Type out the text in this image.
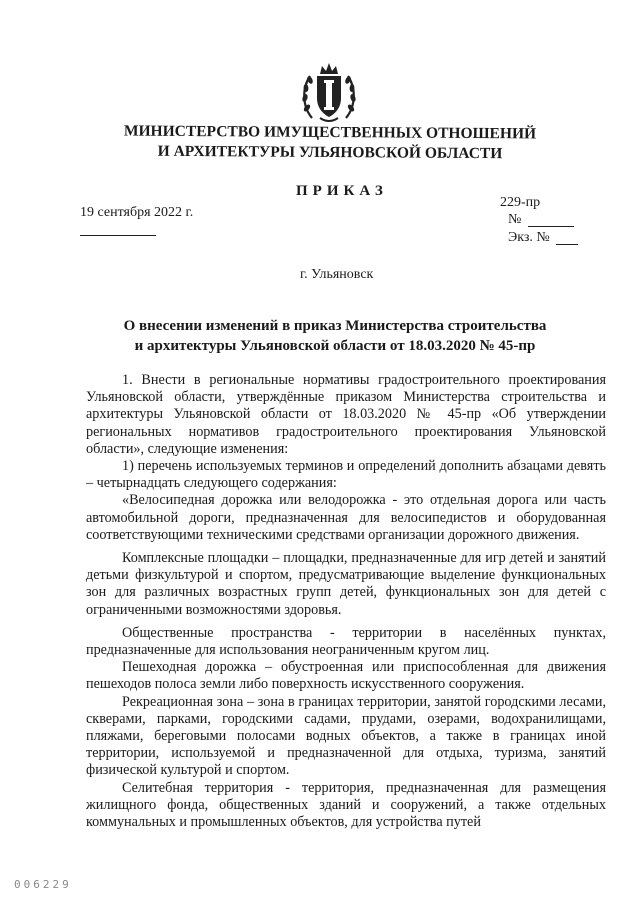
МИНИСТЕРСТВО ИМУЩЕСТВЕННЫХ ОТНОШЕНИЙ
И АРХИТЕКТУРЫ УЛЬЯНОВСКОЙ ОБЛАСТИ
ПРИКАЗ
19 сентября 2022 г.
229-пр
№
Экз. №
г. Ульяновск
О внесении изменений в приказ Министерства строительства
и архитектуры Ульяновской области от 18.03.2020 № 45-пр

1. Внести в региональные нормативы градостроительного проектирования Ульяновской области, утверждённые приказом Министерства строительства и архитектуры Ульяновской области от 18.03.2020 № 45-пр «Об утверждении региональных нормативов градостроительного проектирования Ульяновской области», следующие изменения:

1) перечень используемых терминов и определений дополнить абзацами девять – четырнадцать следующего содержания:

«Велосипедная дорожка или велодорожка - это отдельная дорога или часть автомобильной дороги, предназначенная для велосипедистов и оборудованная соответствующими техническими средствами организации дорожного движения.

Комплексные площадки – площадки, предназначенные для игр детей и занятий детьми физкультурой и спортом, предусматривающие выделение функциональных зон для различных возрастных групп детей, функциональных зон для детей с ограниченными возможностями здоровья.

Общественные пространства - территории в населённых пунктах, предназначенные для использования неограниченным кругом лиц.

Пешеходная дорожка – обустроенная или приспособленная для движения пешеходов полоса земли либо поверхность искусственного сооружения.

Рекреационная зона – зона в границах территории, занятой городскими лесами, скверами, парками, городскими садами, прудами, озерами, водохранилищами, пляжами, береговыми полосами водных объектов, а также в границах иной территории, используемой и предназначенной для отдыха, туризма, занятий физической культурой и спортом.

Селитебная территория - территория, предназначенная для размещения жилищного фонда, общественных зданий и сооружений, а также отдельных коммунальных и промышленных объектов, для устройства путей

006229
